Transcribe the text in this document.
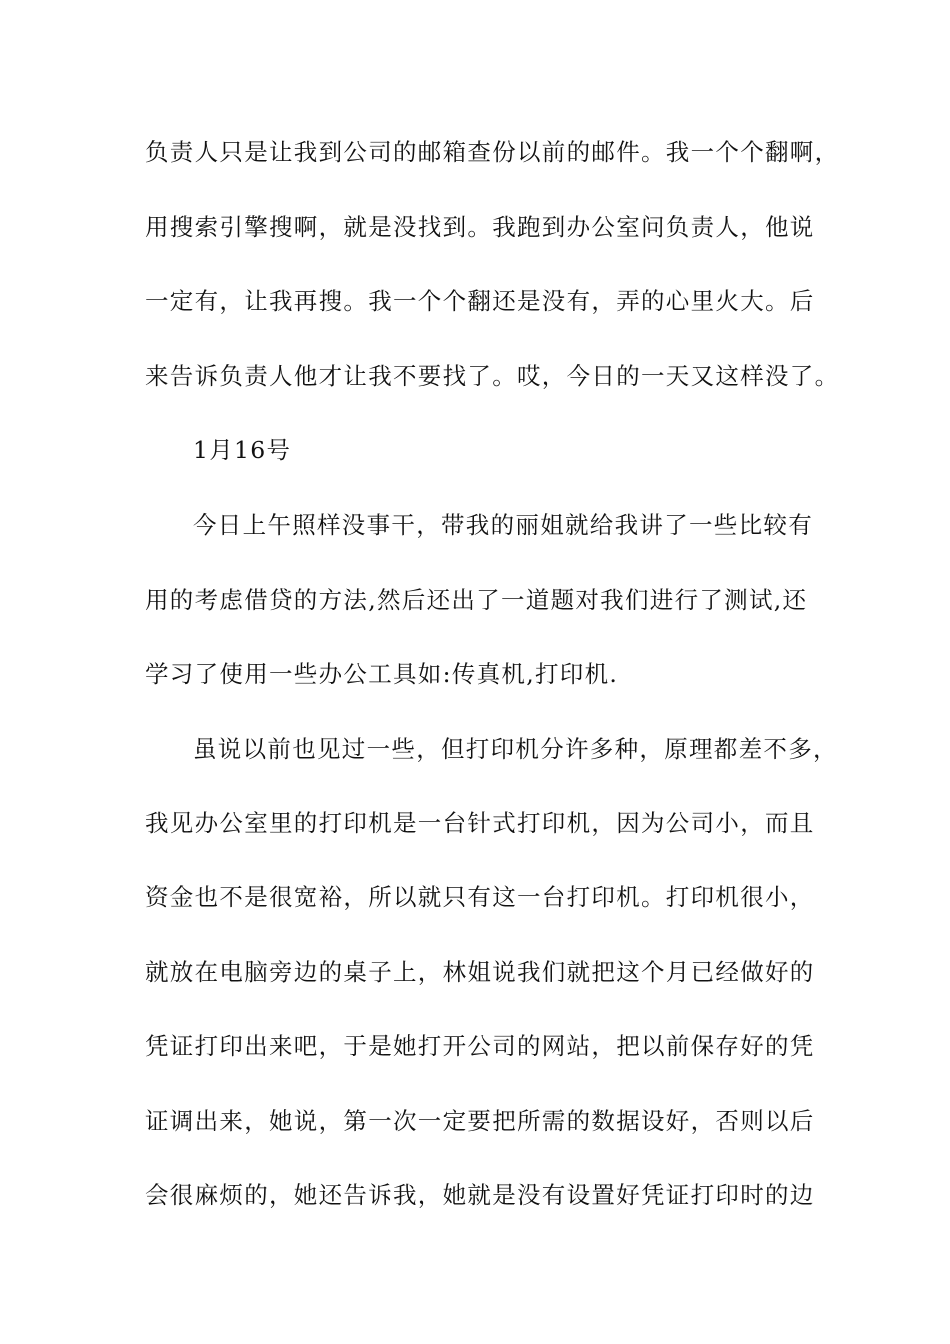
负责人只是让我到公司的邮箱查份以前的邮件。我一个个翻啊，
用搜索引擎搜啊，就是没找到。我跑到办公室问负责人，他说
一定有，让我再搜。我一个个翻还是没有，弄的心里火大。后
来告诉负责人他才让我不要找了。哎，今日的一天又这样没了。
1月16号
今日上午照样没事干，带我的丽姐就给我讲了一些比较有
用的考虑借贷的方法,然后还出了一道题对我们进行了测试,还
学习了使用一些办公工具如:传真机,打印机.
虽说以前也见过一些，但打印机分许多种，原理都差不多，
我见办公室里的打印机是一台针式打印机，因为公司小，而且
资金也不是很宽裕，所以就只有这一台打印机。打印机很小，
就放在电脑旁边的桌子上，林姐说我们就把这个月已经做好的
凭证打印出来吧，于是她打开公司的网站，把以前保存好的凭
证调出来，她说，第一次一定要把所需的数据设好，否则以后
会很麻烦的，她还告诉我，她就是没有设置好凭证打印时的边
